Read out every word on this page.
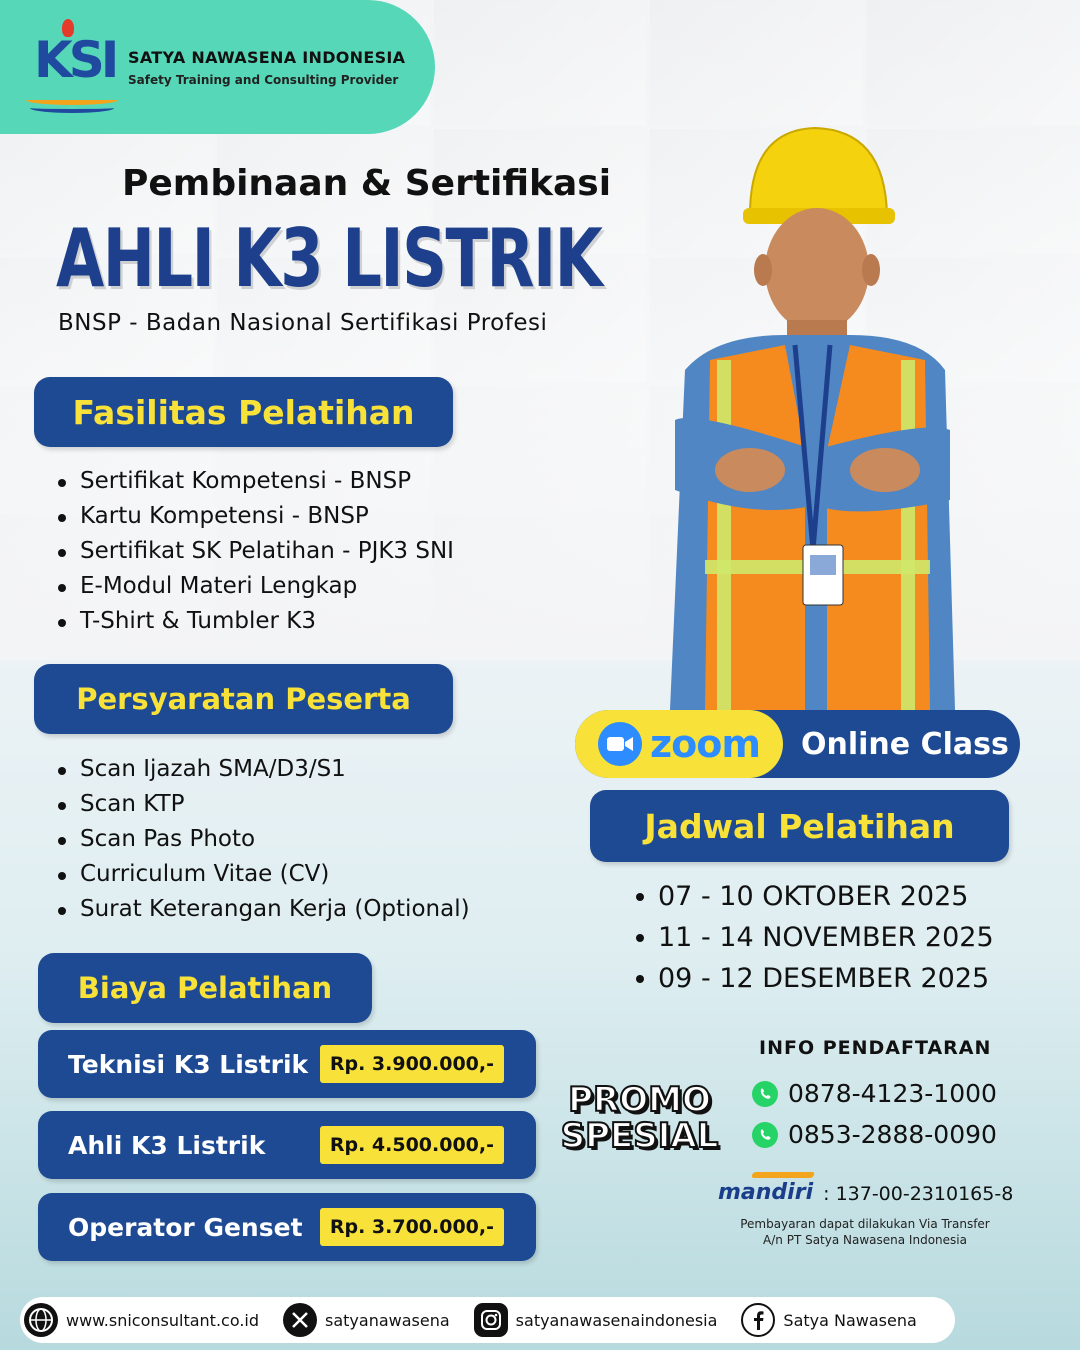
KSI SATYA NAWASENA INDONESIA
Safety Training and Consulting Provider
Pembinaan & Sertifikasi
AHLI K3 LISTRIK
BNSP - Badan Nasional Sertifikasi Profesi
Fasilitas Pelatihan
Sertifikat Kompetensi - BNSP
Kartu Kompetensi - BNSP
Sertifikat SK Pelatihan - PJK3 SNI
E-Modul Materi Lengkap
T-Shirt & Tumbler K3
Persyaratan Peserta
Scan Ijazah SMA/D3/S1
Scan KTP
Scan Pas Photo
Curriculum Vitae (CV)
Surat Keterangan Kerja (Optional)
zoom Online Class
Jadwal Pelatihan
07 - 10 OKTOBER 2025
11 - 14 NOVEMBER 2025
09 - 12 DESEMBER 2025
Biaya Pelatihan
Teknisi K3 Listrik	Rp. 3.900.000,-
Ahli K3 Listrik	Rp. 4.500.000,-
Operator Genset	Rp. 3.700.000,-
PROMO
SPESIAL
INFO PENDAFTARAN
0878-4123-1000
0853-2888-0090
mandiri : 137-00-2310165-8
Pembayaran dapat dilakukan Via Transfer
A/n PT Satya Nawasena Indonesia
www.sniconsultant.co.id	satyanawasena	satyanawasenaindonesia	Satya Nawasena
